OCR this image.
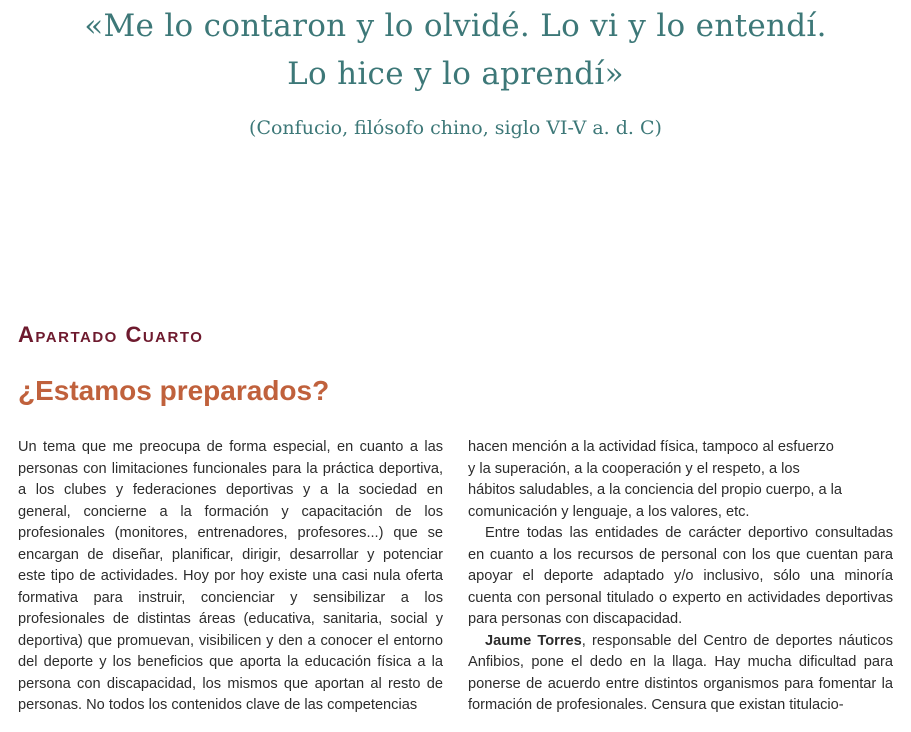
«Me lo contaron y lo olvidé. Lo vi y lo entendí.
Lo hice y lo aprendí»
(Confucio, filósofo chino, siglo VI-V a. d. C)
Apartado Cuarto
¿Estamos preparados?

Un tema que me preocupa de forma especial, en cuanto a las personas con limitaciones funcionales para la práctica deportiva, a los clubes y federaciones deportivas y a la sociedad en general, concierne a la formación y capacitación de los profesionales (monitores, entrenadores, profesores...) que se encargan de diseñar, planificar, dirigir, desarrollar y potenciar este tipo de actividades. Hoy por hoy existe una casi nula oferta formativa para instruir, concienciar y sensibilizar a los profesionales de distintas áreas (educativa, sanitaria, social y deportiva) que promuevan, visibilicen y den a conocer el entorno del deporte y los beneficios que aporta la educación física a la persona con discapacidad, los mismos que aportan al resto de personas. No todos los contenidos clave de las competencias

hacen mención a la actividad física, tampoco al esfuerzo
y la superación, a la cooperación y el respeto, a los
hábitos saludables, a la conciencia del propio cuerpo, a la
comunicación y lenguaje, a los valores, etc.

Entre todas las entidades de carácter deportivo consultadas en cuanto a los recursos de personal con los que cuentan para apoyar el deporte adaptado y/o inclusivo, sólo una minoría cuenta con personal titulado o experto en actividades deportivas para personas con discapacidad.

Jaume Torres, responsable del Centro de deportes náuticos Anfibios, pone el dedo en la llaga. Hay mucha dificultad para ponerse de acuerdo entre distintos organismos para fomentar la formación de profesionales. Censura que existan titulacio-
